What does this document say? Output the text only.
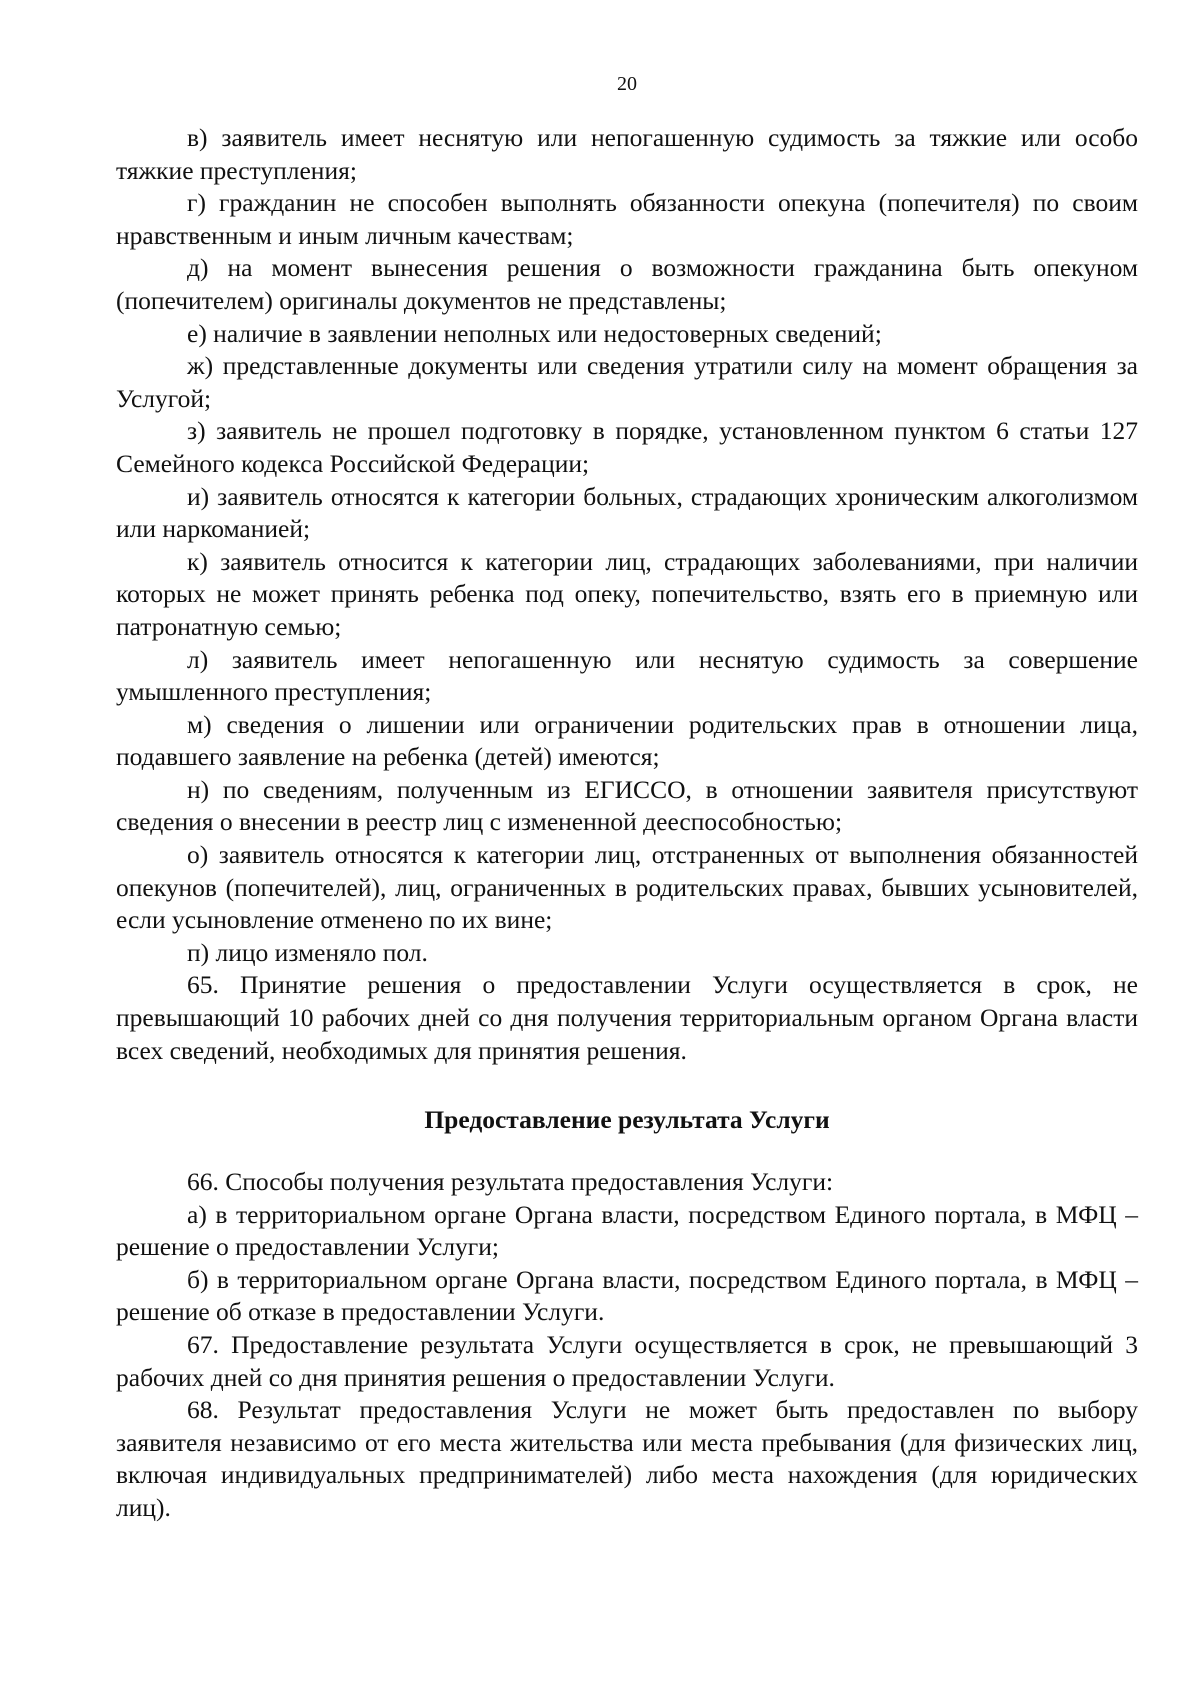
20

в) заявитель имеет неснятую или непогашенную судимость за тяжкие или особо тяжкие преступления;

г) гражданин не способен выполнять обязанности опекуна (попечителя) по своим нравственным и иным личным качествам;

д) на момент вынесения решения о возможности гражданина быть опекуном (попечителем) оригиналы документов не представлены;

е) наличие в заявлении неполных или недостоверных сведений;

ж) представленные документы или сведения утратили силу на момент обращения за Услугой;

з) заявитель не прошел подготовку в порядке, установленном пунктом 6 статьи 127 Семейного кодекса Российской Федерации;

и) заявитель относятся к категории больных, страдающих хроническим алкоголизмом или наркоманией;

к) заявитель относится к категории лиц, страдающих заболеваниями, при наличии которых не может принять ребенка под опеку, попечительство, взять его в приемную или патронатную семью;

л) заявитель имеет непогашенную или неснятую судимость за совершение умышленного преступления;

м) сведения о лишении или ограничении родительских прав в отношении лица, подавшего заявление на ребенка (детей) имеются;

н) по сведениям, полученным из ЕГИССО, в отношении заявителя присутствуют сведения о внесении в реестр лиц с измененной дееспособностью;

о) заявитель относятся к категории лиц, отстраненных от выполнения обязанностей опекунов (попечителей), лиц, ограниченных в родительских правах, бывших усыновителей, если усыновление отменено по их вине;

п) лицо изменяло пол.

65. Принятие решения о предоставлении Услуги осуществляется в срок, не превышающий 10 рабочих дней со дня получения территориальным органом Органа власти всех сведений, необходимых для принятия решения.

Предоставление результата Услуги

66. Способы получения результата предоставления Услуги:

а) в территориальном органе Органа власти, посредством Единого портала, в МФЦ – решение о предоставлении Услуги;

б) в территориальном органе Органа власти, посредством Единого портала, в МФЦ – решение об отказе в предоставлении Услуги.

67. Предоставление результата Услуги осуществляется в срок, не превышающий 3 рабочих дней со дня принятия решения о предоставлении Услуги.

68. Результат предоставления Услуги не может быть предоставлен по выбору заявителя независимо от его места жительства или места пребывания (для физических лиц, включая индивидуальных предпринимателей) либо места нахождения (для юридических лиц).
